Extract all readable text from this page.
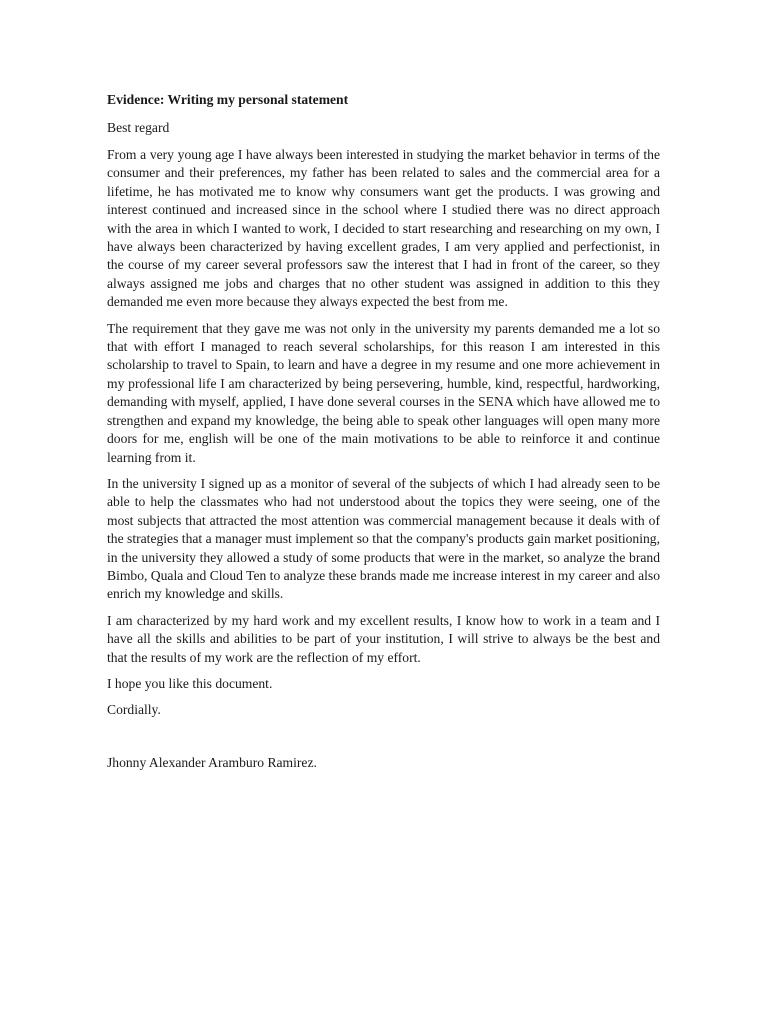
Evidence: Writing my personal statement
Best regard
From a very young age I have always been interested in studying the market behavior in terms of the consumer and their preferences, my father has been related to sales and the commercial area for a lifetime, he has motivated me to know why consumers want get the products. I was growing and interest continued and increased since in the school where I studied there was no direct approach with the area in which I wanted to work, I decided to start researching and researching on my own, I have always been characterized by having excellent grades, I am very applied and perfectionist, in the course of my career several professors saw the interest that I had in front of the career, so they always assigned me jobs and charges that no other student was assigned in addition to this they demanded me even more because they always expected the best from me.
The requirement that they gave me was not only in the university my parents demanded me a lot so that with effort I managed to reach several scholarships, for this reason I am interested in this scholarship to travel to Spain, to learn and have a degree in my resume and one more achievement in my professional life I am characterized by being persevering, humble, kind, respectful, hardworking, demanding with myself, applied, I have done several courses in the SENA which have allowed me to strengthen and expand my knowledge, the being able to speak other languages will open many more doors for me, english will be one of the main motivations to be able to reinforce it and continue learning from it.
In the university I signed up as a monitor of several of the subjects of which I had already seen to be able to help the classmates who had not understood about the topics they were seeing, one of the most subjects that attracted the most attention was commercial management because it deals with of the strategies that a manager must implement so that the company's products gain market positioning, in the university they allowed a study of some products that were in the market, so analyze the brand Bimbo, Quala and Cloud Ten to analyze these brands made me increase interest in my career and also enrich my knowledge and skills.
I am characterized by my hard work and my excellent results, I know how to work in a team and I have all the skills and abilities to be part of your institution, I will strive to always be the best and that the results of my work are the reflection of my effort.
I hope you like this document.
Cordially.
Jhonny Alexander Aramburo Ramirez.
